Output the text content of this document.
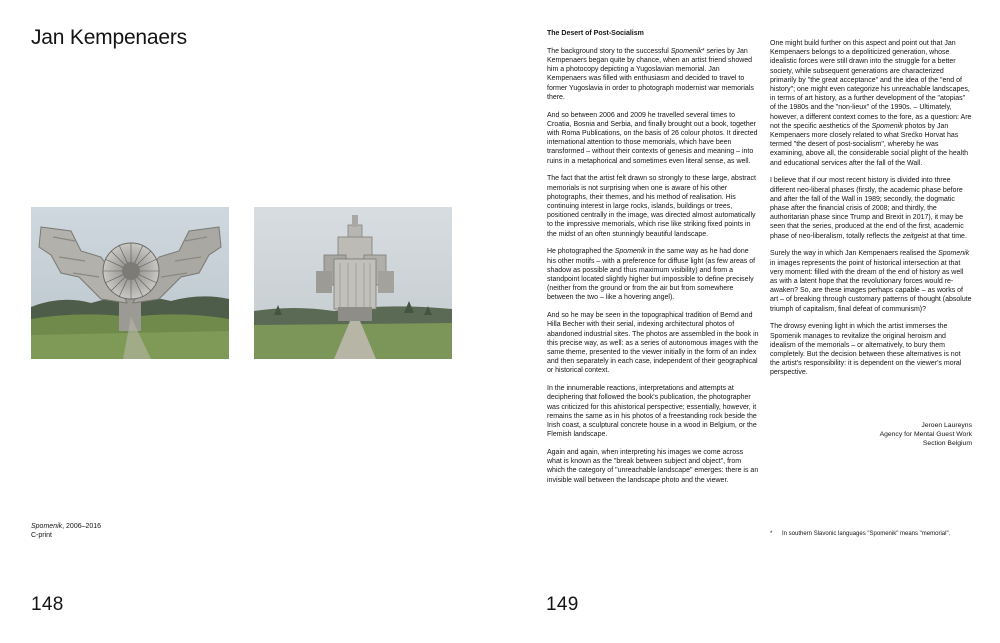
Jan Kempenaers
Spomenik, 2006–2016
C-print
148

The Desert of Post-Socialism

The background story to the successful Spomenik* series by Jan Kempenaers began quite by chance, when an artist friend showed him a photocopy depicting a Yugoslavian memorial. Jan Kempenaers was filled with enthusiasm and decided to travel to former Yugoslavia in order to photograph modernist war memorials there.

And so between 2006 and 2009 he travelled several times to Croatia, Bosnia and Serbia, and finally brought out a book, together with Roma Publications, on the basis of 26 colour photos. It directed international attention to those memorials, which have been transformed – without their contexts of genesis and meaning – into ruins in a metaphorical and sometimes even literal sense, as well.

The fact that the artist felt drawn so strongly to these large, abstract memorials is not surprising when one is aware of his other photographs, their themes, and his method of realisation. His continuing interest in large rocks, islands, buildings or trees, positioned centrally in the image, was directed almost automatically to the impressive memorials, which rise like striking fixed points in the midst of an often stunningly beautiful landscape.

He photographed the Spomenik in the same way as he had done his other motifs – with a preference for diffuse light (as few areas of shadow as possible and thus maximum visibility) and from a standpoint located slightly higher but impossible to define precisely (neither from the ground or from the air but from somewhere between the two – like a hovering angel).

And so he may be seen in the topographical tradition of Bernd and Hilla Becher with their serial, indexing architectural photos of abandoned industrial sites. The photos are assembled in the book in this precise way, as well: as a series of autonomous images with the same theme, presented to the viewer initially in the form of an index and then separately in each case, independent of their geographical or historical context.

In the innumerable reactions, interpretations and attempts at deciphering that followed the book's publication, the photographer was criticized for this ahistorical perspective; essentially, however, it remains the same as in his photos of a freestanding rock beside the Irish coast, a sculptural concrete house in a wood in Belgium, or the Flemish landscape.

Again and again, when interpreting his images we come across what is known as the "break between subject and object", from which the category of "unreachable landscape" emerges: there is an invisible wall between the landscape photo and the viewer.

One might build further on this aspect and point out that Jan Kempenaers belongs to a depoliticized generation, whose idealistic forces were still drawn into the struggle for a better society, while subsequent generations are characterized primarily by "the great acceptance" and the idea of the "end of history"; one might even categorize his unreachable landscapes, in terms of art history, as a further development of the "atopias" of the 1980s and the "non-lieux" of the 1990s. – Ultimately, however, a different context comes to the fore, as a question: Are not the specific aesthetics of the Spomenik photos by Jan Kempenaers more closely related to what Srećko Horvat has termed "the desert of post-socialism", whereby he was examining, above all, the considerable social plight of the health and educational services after the fall of the Wall.

I believe that if our most recent history is divided into three different neo-liberal phases (firstly, the academic phase before and after the fall of the Wall in 1989; secondly, the dogmatic phase after the financial crisis of 2008; and thirdly, the authoritarian phase since Trump and Brexit in 2017), it may be seen that the series, produced at the end of the first, academic phase of neo-liberalism, totally reflects the zeitgeist at that time.

Surely the way in which Jan Kempenaers realised the Spomenik in images represents the point of historical intersection at that very moment: filled with the dream of the end of history as well as with a latent hope that the revolutionary forces would re-awaken? So, are these images perhaps capable – as works of art – of breaking through customary patterns of thought (absolute triumph of capitalism, final defeat of communism)?

The drowsy evening light in which the artist immerses the Spomenik manages to revitalize the original heroism and idealism of the memorials – or alternatively, to bury them completely. But the decision between these alternatives is not the artist's responsibility: it is dependent on the viewer's moral perspective.

Jeroen Laureyns
Agency for Mental Guest Work
Section Belgium
* In southern Slavonic languages "Spomenik" means "memorial".
149
